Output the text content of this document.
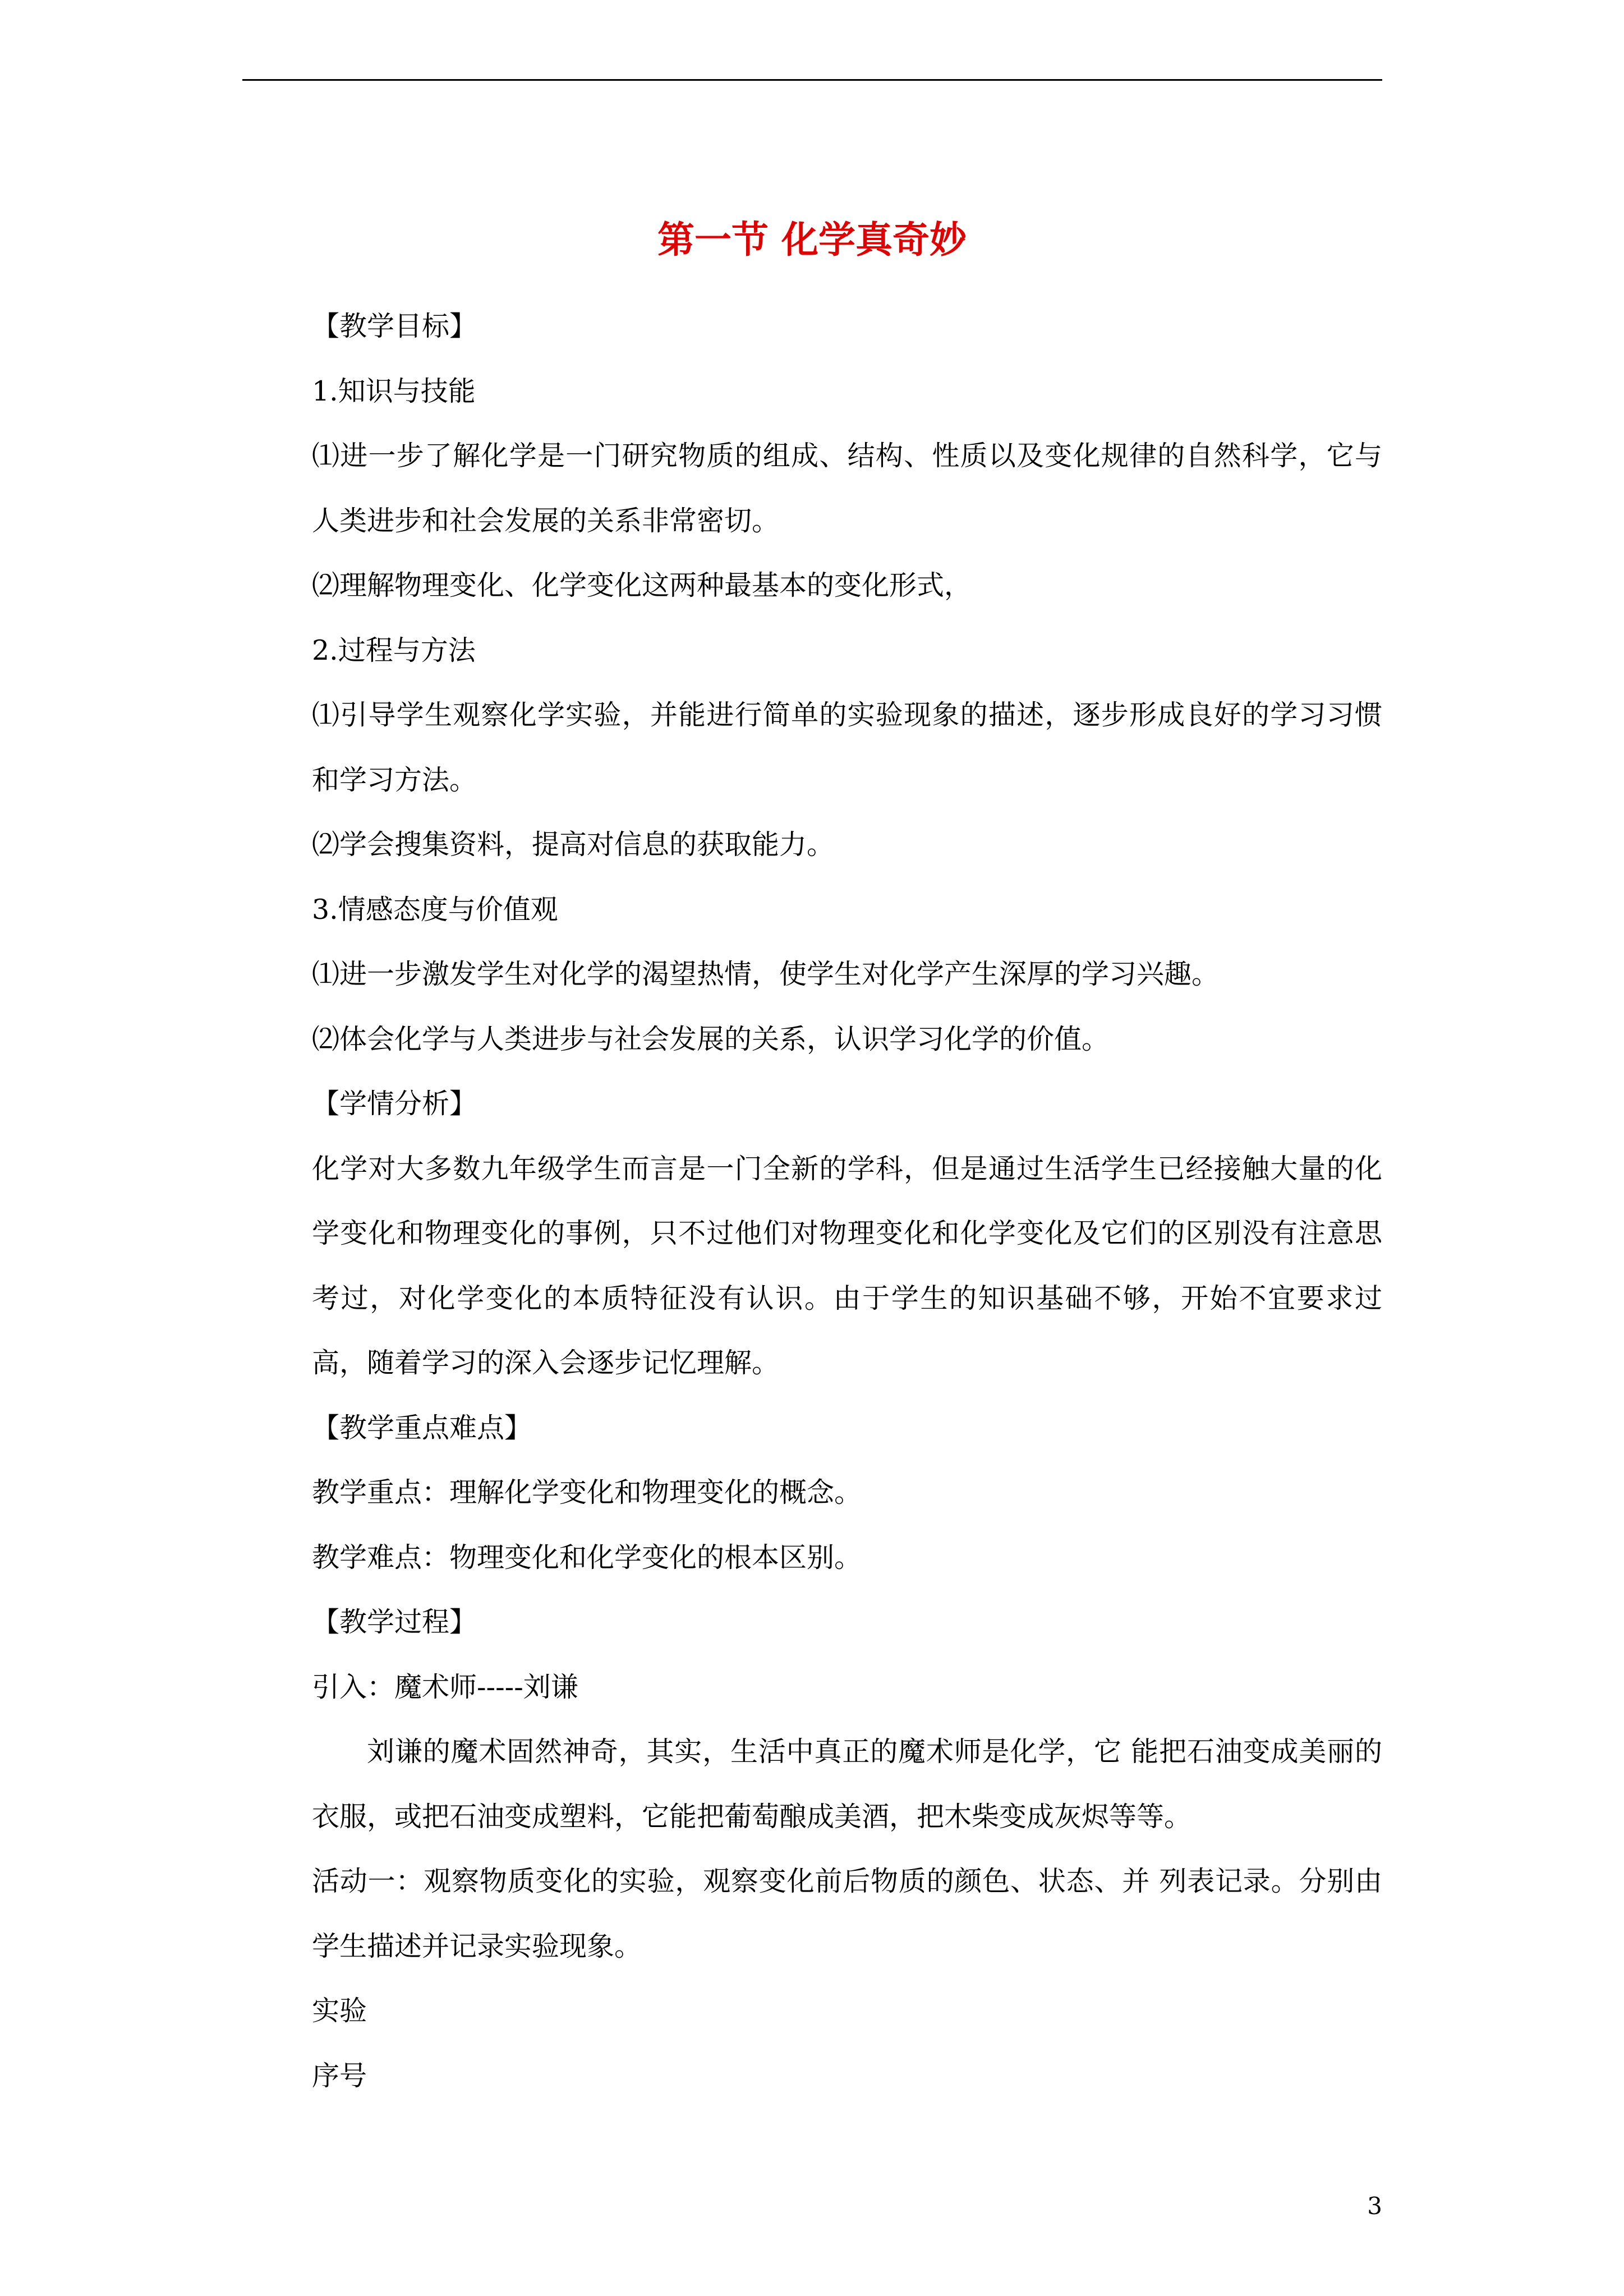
第一节 化学真奇妙

【教学目标】

1.知识与技能

⑴进一步了解化学是一门研究物质的组成、结构、性质以及变化规律的自然科学，它与人类进步和社会发展的关系非常密切。

⑵理解物理变化、化学变化这两种最基本的变化形式，

2.过程与方法

⑴引导学生观察化学实验，并能进行简单的实验现象的描述，逐步形成良好的学习习惯和学习方法。

⑵学会搜集资料，提高对信息的获取能力。

3.情感态度与价值观

⑴进一步激发学生对化学的渴望热情，使学生对化学产生深厚的学习兴趣。

⑵体会化学与人类进步与社会发展的关系，认识学习化学的价值。

【学情分析】

化学对大多数九年级学生而言是一门全新的学科，但是通过生活学生已经接触大量的化学变化和物理变化的事例，只不过他们对物理变化和化学变化及它们的区别没有注意思考过，对化学变化的本质特征没有认识。由于学生的知识基础不够，开始不宜要求过高，随着学习的深入会逐步记忆理解。

【教学重点难点】

教学重点：理解化学变化和物理变化的概念。

教学难点：物理变化和化学变化的根本区别。

【教学过程】

引入：魔术师-----刘谦

刘谦的魔术固然神奇，其实，生活中真正的魔术师是化学，它 能把石油变成美丽的衣服，或把石油变成塑料，它能把葡萄酿成美酒，把木柴变成灰烬等等。

活动一：观察物质变化的实验，观察变化前后物质的颜色、状态、并 列表记录。分别由学生描述并记录实验现象。

实验

序号

3
